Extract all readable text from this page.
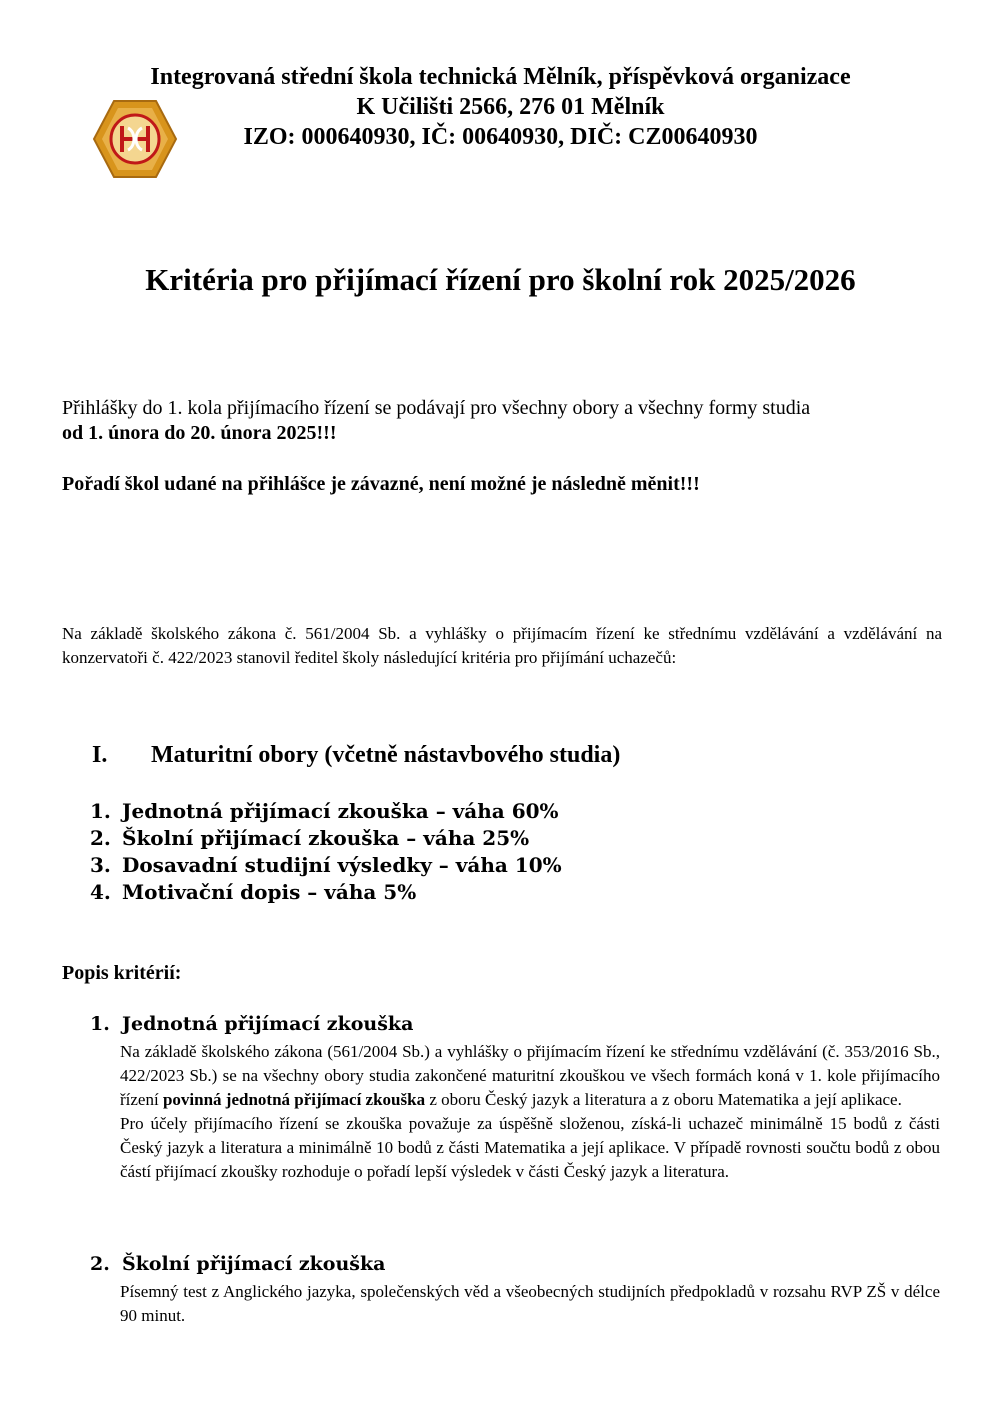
Integrovaná střední škola technická Mělník, příspěvková organizace
K Učilišti 2566, 276 01 Mělník
IZO: 000640930, IČ: 00640930, DIČ: CZ00640930
Kritéria pro přijímací řízení pro školní rok 2025/2026
Přihlášky do 1. kola přijímacího řízení se podávají pro všechny obory a všechny formy studia
od 1. února do 20. února 2025!!!
Pořadí škol udané na přihlášce je závazné, není možné je následně měnit!!!
Na základě školského zákona č. 561/2004 Sb. a vyhlášky o přijímacím řízení ke střednímu vzdělávání a vzdělávání na konzervatoři č. 422/2023 stanovil ředitel školy následující kritéria pro přijímání uchazečů:
I. Maturitní obory (včetně nástavbového studia)
1. Jednotná přijímací zkouška – váha 60%
2. Školní přijímací zkouška – váha 25%
3. Dosavadní studijní výsledky – váha 10%
4. Motivační dopis – váha 5%
Popis kritérií:
1. Jednotná přijímací zkouška

Na základě školského zákona (561/2004 Sb.) a vyhlášky o přijímacím řízení ke střednímu vzdělávání (č. 353/2016 Sb., 422/2023 Sb.) se na všechny obory studia zakončené maturitní zkouškou ve všech formách koná v 1. kole přijímacího řízení povinná jednotná přijímací zkouška z oboru Český jazyk a literatura a z oboru Matematika a její aplikace.

Pro účely přijímacího řízení se zkouška považuje za úspěšně složenou, získá-li uchazeč minimálně 15 bodů z části Český jazyk a literatura a minimálně 10 bodů z části Matematika a její aplikace. V případě rovnosti součtu bodů z obou částí přijímací zkoušky rozhoduje o pořadí lepší výsledek v části Český jazyk a literatura.

2. Školní přijímací zkouška

Písemný test z Anglického jazyka, společenských věd a všeobecných studijních předpokladů v rozsahu RVP ZŠ v délce 90 minut.
